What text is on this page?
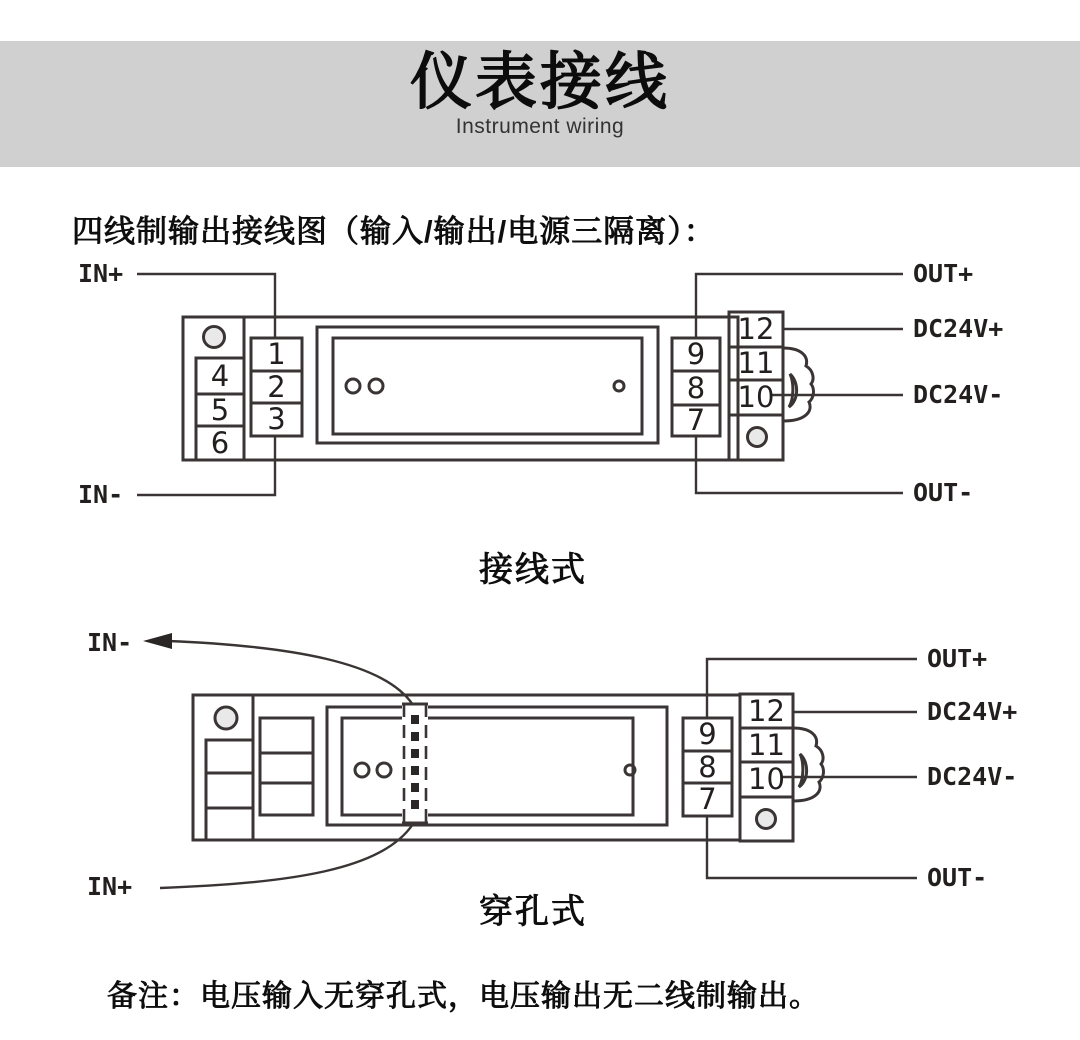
仪表接线
Instrument wiring
四线制输出接线图（输入/输出/电源三隔离）：
1
2
3
4
5
6
9
8
7
12
11
10
IN+
IN-
OUT+
DC24V+
DC24V-
OUT-
接线式
9
8
7
12
11
10
IN-
IN+
OUT+
DC24V+
DC24V-
OUT-
穿孔式
备注：电压输入无穿孔式，电压输出无二线制输出。
